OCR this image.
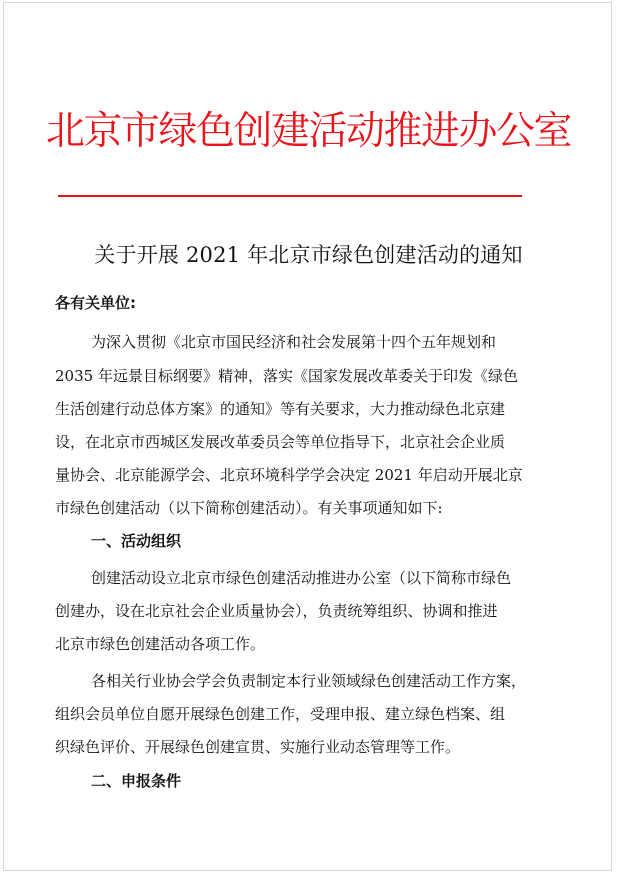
北京市绿色创建活动推进办公室
关于开展 2021 年北京市绿色创建活动的通知
各有关单位:
为深入贯彻《北京市国民经济和社会发展第十四个五年规划和
2035 年远景目标纲要》精神，落实《国家发展改革委关于印发《绿色
生活创建行动总体方案》的通知》等有关要求，大力推动绿色北京建
设，在北京市西城区发展改革委员会等单位指导下，北京社会企业质
量协会、北京能源学会、北京环境科学学会决定 2021 年启动开展北京
市绿色创建活动（以下简称创建活动）。有关事项通知如下:
一、活动组织
创建活动设立北京市绿色创建活动推进办公室（以下简称市绿色
创建办，设在北京社会企业质量协会），负责统筹组织、协调和推进
北京市绿色创建活动各项工作。
各相关行业协会学会负责制定本行业领域绿色创建活动工作方案，
组织会员单位自愿开展绿色创建工作，受理申报、建立绿色档案、组
织绿色评价、开展绿色创建宣贯、实施行业动态管理等工作。
二、申报条件
